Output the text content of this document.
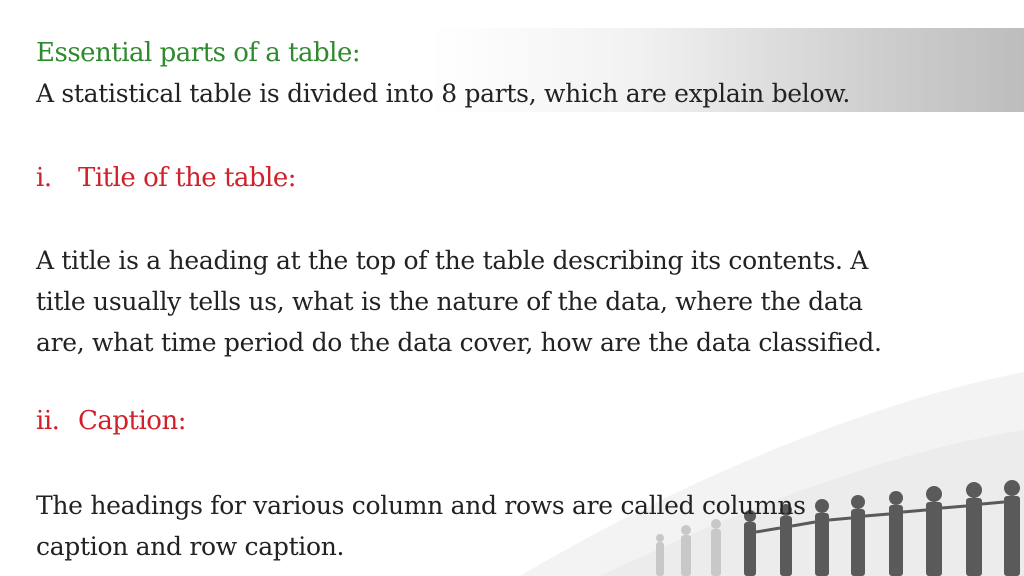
Essential parts of a table:

A statistical table is divided into 8 parts, which are explain below.

i. Title of the table:

A title is a heading at the top of the table describing its contents. A
title usually tells us, what is the nature of the data, where the data
are, what time period do the data cover, how are the data classified.

ii. Caption:

The headings for various column and rows are called columns
caption and row caption.
